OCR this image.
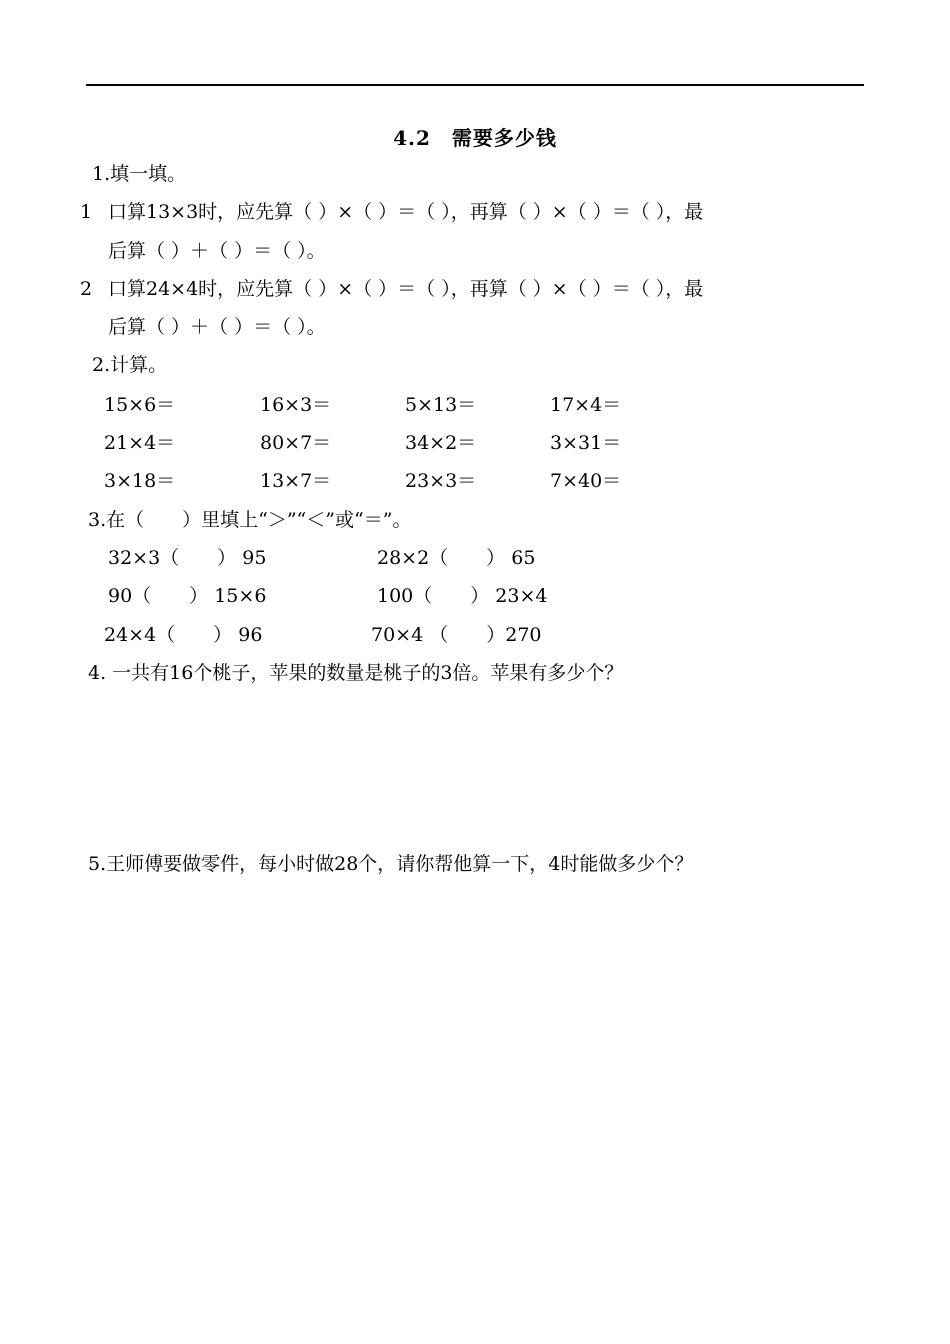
4.2　需要多少钱
1.填一填。
1 口算13×3时，应先算（ ）×（ ）＝（ ），再算（ ）×（ ）＝（ ），最
后算（ ）＋（ ）＝（ ）。
2 口算24×4时，应先算（ ）×（ ）＝（ ），再算（ ）×（ ）＝（ ），最
后算（ ）＋（ ）＝（ ）。
2.计算。
15×6＝	16×3＝	5×13＝	17×4＝
21×4＝	80×7＝	34×2＝	3×31＝
3×18＝	13×7＝	23×3＝	7×40＝
3.在（　　）里填上“＞”“＜”或“＝”。
32×3（　　） 95	28×2（　　） 65
90（　　） 15×6	100（　　） 23×4
24×4（　　） 96	70×4 （　　）270
4. 一共有16个桃子，苹果的数量是桃子的3倍。苹果有多少个？
5.王师傅要做零件，每小时做28个，请你帮他算一下，4时能做多少个？
